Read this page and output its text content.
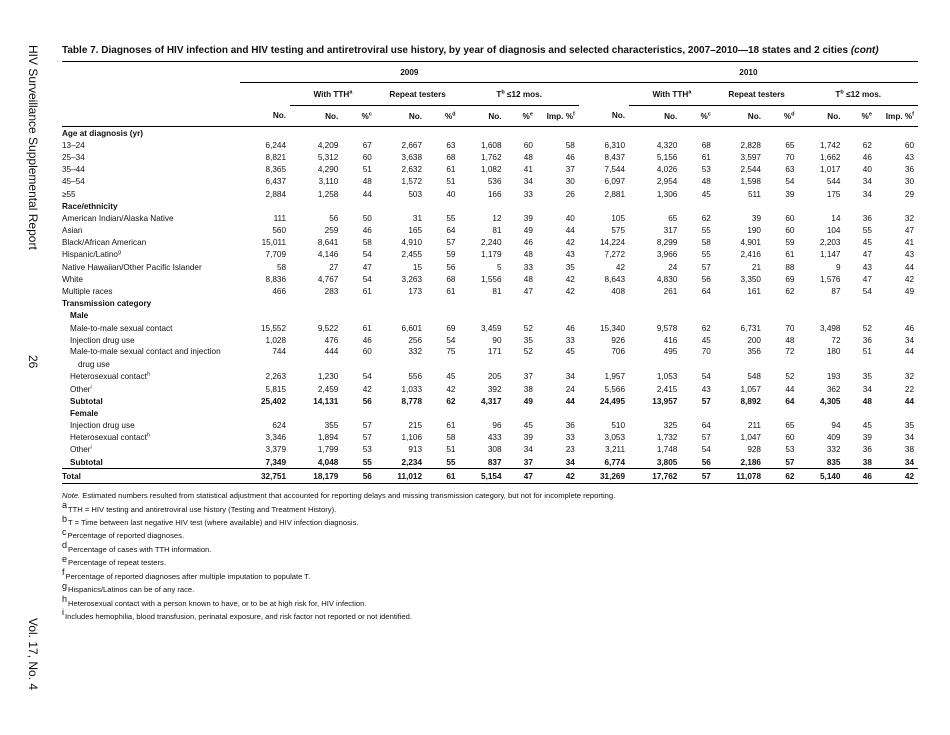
HIV Surveillance Supplemental Report
26
Vol. 17, No. 4
Table 7. Diagnoses of HIV infection and HIV testing and antiretroviral use history, by year of diagnosis and selected characteristics, 2007–2010—18 states and 2 cities (cont)
	2009								2010							
		With TTH$^a$		Repeat testers		$T^b \le 12$ mos.				With TTH$^a$		Repeat testers		$T^b \le 12$ mos.		
	No.	No.	%$^c$	No.	%$^d$	No.	%$^e$	Imp. %$^f$	No.	No.	%$^c$	No.	%$^d$	No.	%$^e$	Imp. %$^f$
Age at diagnosis (yr)																
13–24	6,244	4,209	67	2,667	63	1,608	60	58	6,310	4,320	68	2,828	65	1,742	62	60
25–34	8,821	5,312	60	3,638	68	1,762	48	46	8,437	5,156	61	3,597	70	1,662	46	43
35–44	8,365	4,290	51	2,632	61	1,082	41	37	7,544	4,026	53	2,544	63	1,017	40	36
45–54	6,437	3,110	48	1,572	51	536	34	30	6,097	2,954	48	1,598	54	544	34	30
≥55	2,884	1,258	44	503	40	166	33	26	2,881	1,306	45	511	39	175	34	29
Race/ethnicity																
American Indian/Alaska Native	111	56	50	31	55	12	39	40	105	65	62	39	60	14	36	32
Asian	560	259	46	165	64	81	49	44	575	317	55	190	60	104	55	47
Black/African American	15,011	8,641	58	4,910	57	2,240	46	42	14,224	8,299	58	4,901	59	2,203	45	41
Hispanic/Latino$^g$	7,709	4,146	54	2,455	59	1,179	48	43	7,272	3,966	55	2,416	61	1,147	47	43
Native Hawaiian/Other Pacific Islander	58	27	47	15	56	5	33	35	42	24	57	21	88	9	43	44
White	8,836	4,767	54	3,263	68	1,556	48	42	8,643	4,830	56	3,350	69	1,576	47	42
Multiple races	466	283	61	173	61	81	47	42	408	261	64	161	62	87	54	49
Transmission category																
Male																
Male-to-male sexual contact	15,552	9,522	61	6,601	69	3,459	52	46	15,340	9,578	62	6,731	70	3,498	52	46
Injection drug use	1,028	476	46	256	54	90	35	33	926	416	45	200	48	72	36	34
Male-to-male sexual contact and injection	744	444	60	332	75	171	52	45	706	495	70	356	72	180	51	44
drug use																
Heterosexual contact$^h$	2,263	1,230	54	556	45	205	37	34	1,957	1,053	54	548	52	193	35	32
Other$^i$	5,815	2,459	42	1,033	42	392	38	24	5,566	2,415	43	1,057	44	362	34	22
Subtotal	25,402	14,131	56	8,778	62	4,317	49	44	24,495	13,957	57	8,892	64	4,305	48	44
Female																
Injection drug use	624	355	57	215	61	96	45	36	510	325	64	211	65	94	45	35
Heterosexual contact$^h$	3,346	1,894	57	1,106	58	433	39	33	3,053	1,732	57	1,047	60	409	39	34
Other$^i$	3,379	1,799	53	913	51	308	34	23	3,211	1,748	54	928	53	332	36	38
Subtotal	7,349	4,048	55	2,234	55	837	37	34	6,774	3,805	56	2,186	57	835	38	34
Total	32,751	18,179	56	11,012	61	5,154	47	42	31,269	17,762	57	11,078	62	5,140	46	42
Note. Estimated numbers resulted from statistical adjustment that accounted for reporting delays and missing transmission category, but not for incomplete reporting.
aTTH = HIV testing and antiretroviral use history (Testing and Treatment History).
bT = Time between last negative HIV test (where available) and HIV infection diagnosis.
cPercentage of reported diagnoses.
dPercentage of cases with TTH information.
ePercentage of repeat testers.
fPercentage of reported diagnoses after multiple imputation to populate T.
gHispanics/Latinos can be of any race.
hHeterosexual contact with a person known to have, or to be at high risk for, HIV infection.
iIncludes hemophilia, blood transfusion, perinatal exposure, and risk factor not reported or not identified.
